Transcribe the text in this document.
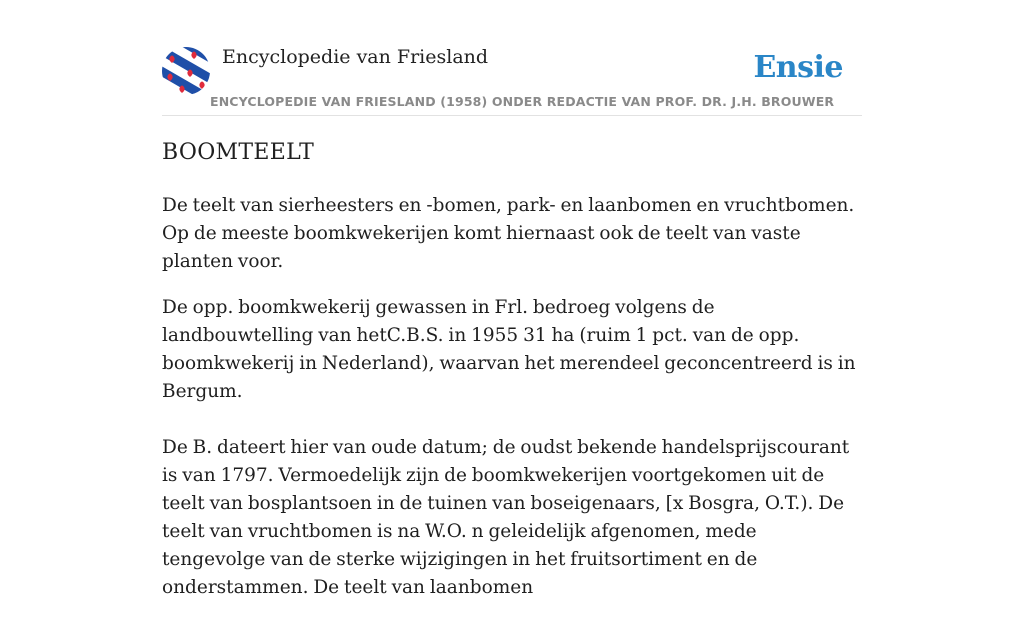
Encyclopedie van Friesland	Ensie
ENCYCLOPEDIE VAN FRIESLAND (1958) ONDER REDACTIE VAN PROF. DR. J.H. BROUWER
BOOMTEELT

De teelt van sierheesters en -bomen, park- en laanbomen en vruchtbomen. Op de meeste boomkwekerijen komt hiernaast ook de teelt van vaste planten voor.

De opp. boomkwekerij gewassen in Frl. bedroeg volgens de landbouwtelling van hetC.B.S. in 1955 31 ha (ruim 1 pct. van de opp. boomkwekerij in Nederland), waarvan het merendeel geconcentreerd is in Bergum.

De B. dateert hier van oude datum; de oudst bekende handelsprijscourant is van 1797. Vermoedelijk zijn de boomkwekerijen voortgekomen uit de teelt van bosplantsoen in de tuinen van boseigenaars, [x Bosgra, O.T.). De teelt van vruchtbomen is na W.O. n geleidelijk afgenomen, mede tengevolge van de sterke wijzigingen in het fruitsortiment en de onderstammen. De teelt van laanbomen
